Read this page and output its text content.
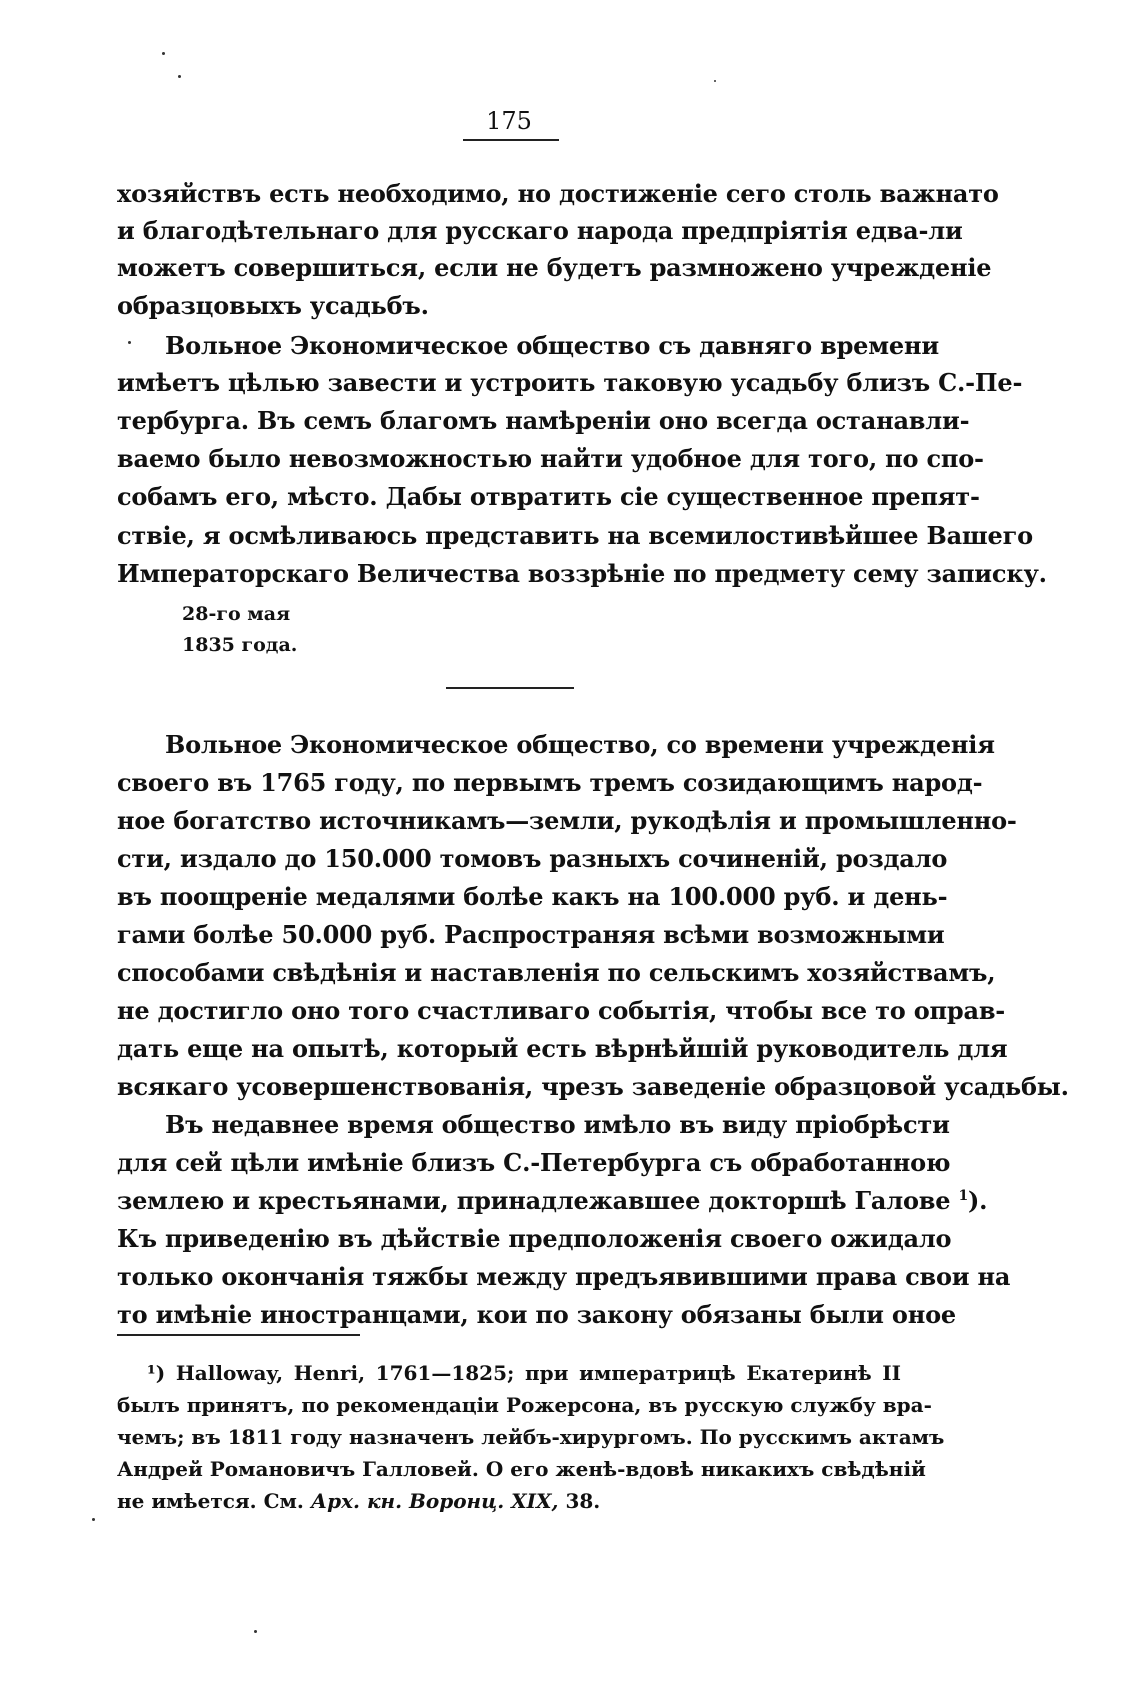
175
хозяйствъ есть необходимо, но достиженіе сего столь важнато
и благодѣтельнаго для русскаго народа предпріятія едва-ли
можетъ совершиться, если не будетъ размножено учрежденіе
образцовыхъ усадьбъ.
Вольное Экономическое общество съ давняго времени
имѣетъ цѣлью завести и устроить таковую усадьбу близъ С.-Пе-
тербурга. Въ семъ благомъ намѣреніи оно всегда останавли-
ваемо было невозможностью найти удобное для того, по спо-
собамъ его, мѣсто. Дабы отвратить сіе существенное препят-
ствіе, я осмѣливаюсь представить на всемилостивѣйшее Вашего
Императорскаго Величества воззрѣніе по предмету сему записку.
28-го мая
1835 года.
Вольное Экономическое общество, со времени учрежденія
своего въ 1765 году, по первымъ тремъ созидающимъ народ-
ное богатство источникамъ—земли, рукодѣлія и промышленно-
сти, издало до 150.000 томовъ разныхъ сочиненій, роздало
въ поощреніе медалями болѣе какъ на 100.000 руб. и день-
гами болѣе 50.000 руб. Распространяя всѣми возможными
способами свѣдѣнія и наставленія по сельскимъ хозяйствамъ,
не достигло оно того счастливаго событія, чтобы все то оправ-
дать еще на опытѣ, который есть вѣрнѣйшій руководитель для
всякаго усовершенствованія, чрезъ заведеніе образцовой усадьбы.
Въ недавнее время общество имѣло въ виду пріобрѣсти
для сей цѣли имѣніе близъ С.-Петербурга съ обработанною
землею и крестьянами, принадлежавшее докторшѣ Галове $^1$).
Къ приведенію въ дѣйствіе предположенія своего ожидало
только окончанія тяжбы между предъявившими права свои на
то имѣніе иностранцами, кои по закону обязаны были оное
¹) Halloway, Henri, 1761—1825; при императрицѣ Екатеринѣ II
былъ принятъ, по рекомендаціи Рожерсона, въ русскую службу вра-
чемъ; въ 1811 году назначенъ лейбъ-хирургомъ. По русскимъ актамъ
Андрей Романовичъ Галловей. О его женѣ-вдовѣ никакихъ свѣдѣній
не имѣется. См. Арх. кн. Воронц. XIX, 38.
